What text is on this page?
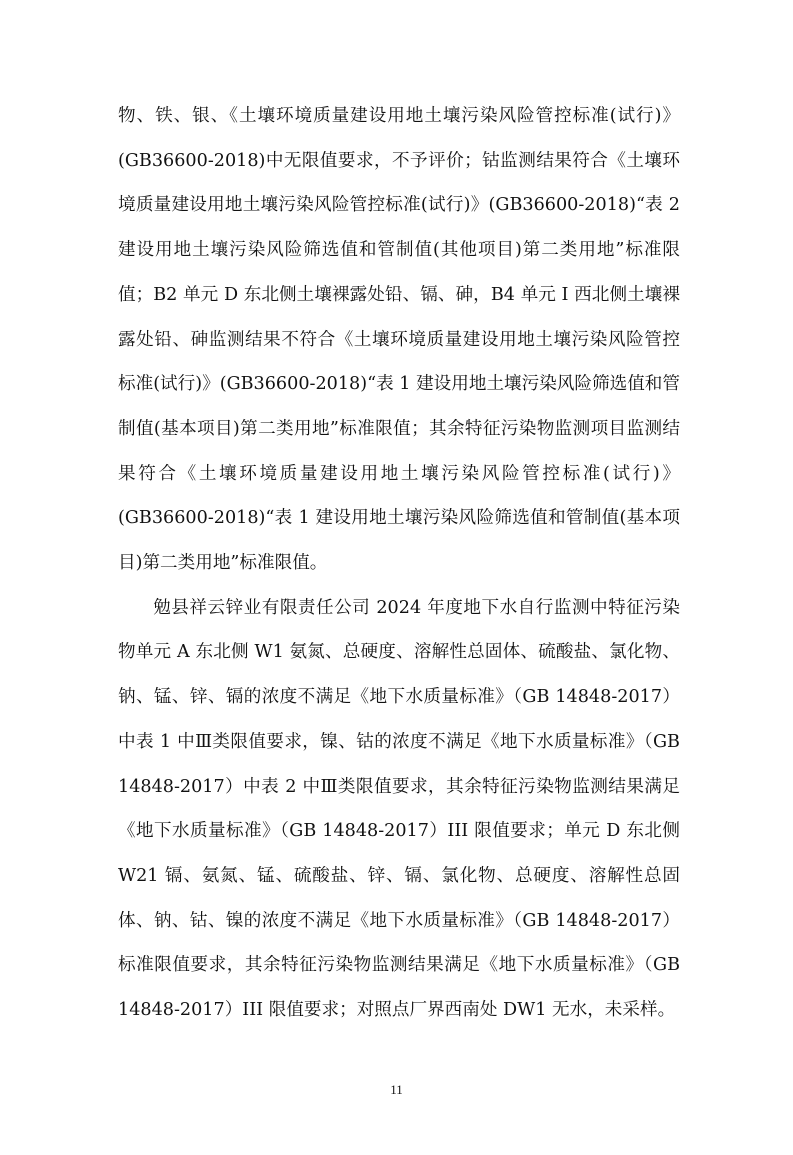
物、铁、银、《土壤环境质量建设用地土壤污染风险管控标准(试行)》(GB36600-2018)中无限值要求，不予评价；钴监测结果符合《土壤环境质量建设用地土壤污染风险管控标准(试行)》(GB36600-2018)“表 2 建设用地土壤污染风险筛选值和管制值(其他项目)第二类用地”标准限值；B2 单元 D 东北侧土壤裸露处铅、镉、砷，B4 单元 I 西北侧土壤裸露处铅、砷监测结果不符合《土壤环境质量建设用地土壤污染风险管控标准(试行)》(GB36600-2018)“表 1 建设用地土壤污染风险筛选值和管制值(基本项目)第二类用地”标准限值；其余特征污染物监测项目监测结果符合《土壤环境质量建设用地土壤污染风险管控标准(试行)》(GB36600-2018)“表 1 建设用地土壤污染风险筛选值和管制值(基本项目)第二类用地”标准限值。

勉县祥云锌业有限责任公司 2024 年度地下水自行监测中特征污染物单元 A 东北侧 W1 氨氮、总硬度、溶解性总固体、硫酸盐、氯化物、钠、锰、锌、镉的浓度不满足《地下水质量标准》（GB 14848-2017）中表 1 中Ⅲ类限值要求，镍、钴的浓度不满足《地下水质量标准》（GB 14848-2017）中表 2 中Ⅲ类限值要求，其余特征污染物监测结果满足《地下水质量标准》（GB 14848-2017）III 限值要求；单元 D 东北侧 W21 镉、氨氮、锰、硫酸盐、锌、镉、氯化物、总硬度、溶解性总固体、钠、钴、镍的浓度不满足《地下水质量标准》（GB 14848-2017）标准限值要求，其余特征污染物监测结果满足《地下水质量标准》（GB 14848-2017）III 限值要求；对照点厂界西南处 DW1 无水，未采样。

11
